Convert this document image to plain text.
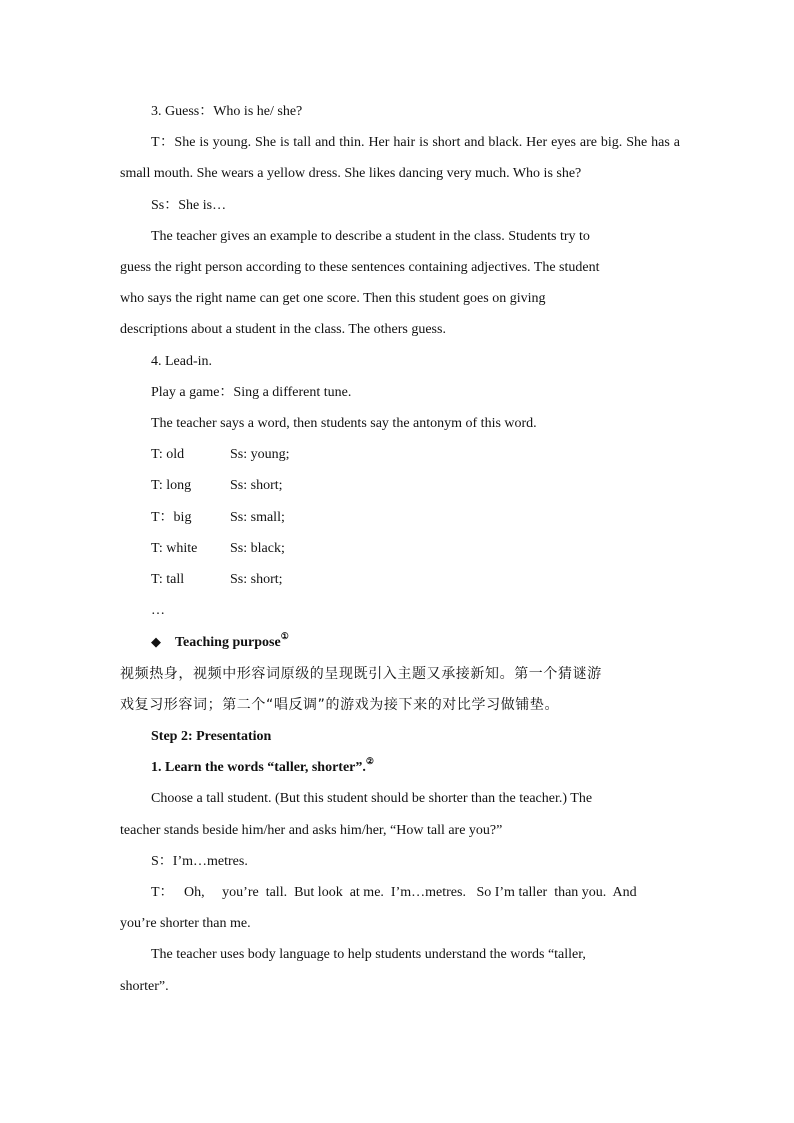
3. Guess：Who is he/ she?

T：She is young. She is tall and thin. Her hair is short and black. Her eyes are big. She has a small mouth. She wears a yellow dress. She likes dancing very much. Who is she?

Ss：She is…

The teacher gives an example to describe a student in the class. Students try to

guess the right person according to these sentences containing adjectives. The student

who says the right name can get one score. Then this student goes on giving

descriptions about a student in the class. The others guess.

4. Lead-in.

Play a game：Sing a different tune.

The teacher says a word, then students say the antonym of this word.

T: old	Ss: young;
T: long	Ss: short;
T：big	Ss: small;
T: white	Ss: black;
T: tall	Ss: short;

…

◆ Teaching purpose①

视频热身，视频中形容词原级的呈现既引入主题又承接新知。第一个猜谜游

戏复习形容词；第二个“唱反调”的游戏为接下来的对比学习做铺垫。

Step 2: Presentation

1. Learn the words “taller, shorter”.②

Choose a tall student. (But this student should be shorter than the teacher.) The

teacher stands beside him/her and asks him/her, “How tall are you?”

S：I’m…metres.

T：   Oh,     you’re  tall.  But look  at me.  I’m…metres.   So I’m taller  than you.  And

you’re shorter than me.

The teacher uses body language to help students understand the words “taller,

shorter”.
